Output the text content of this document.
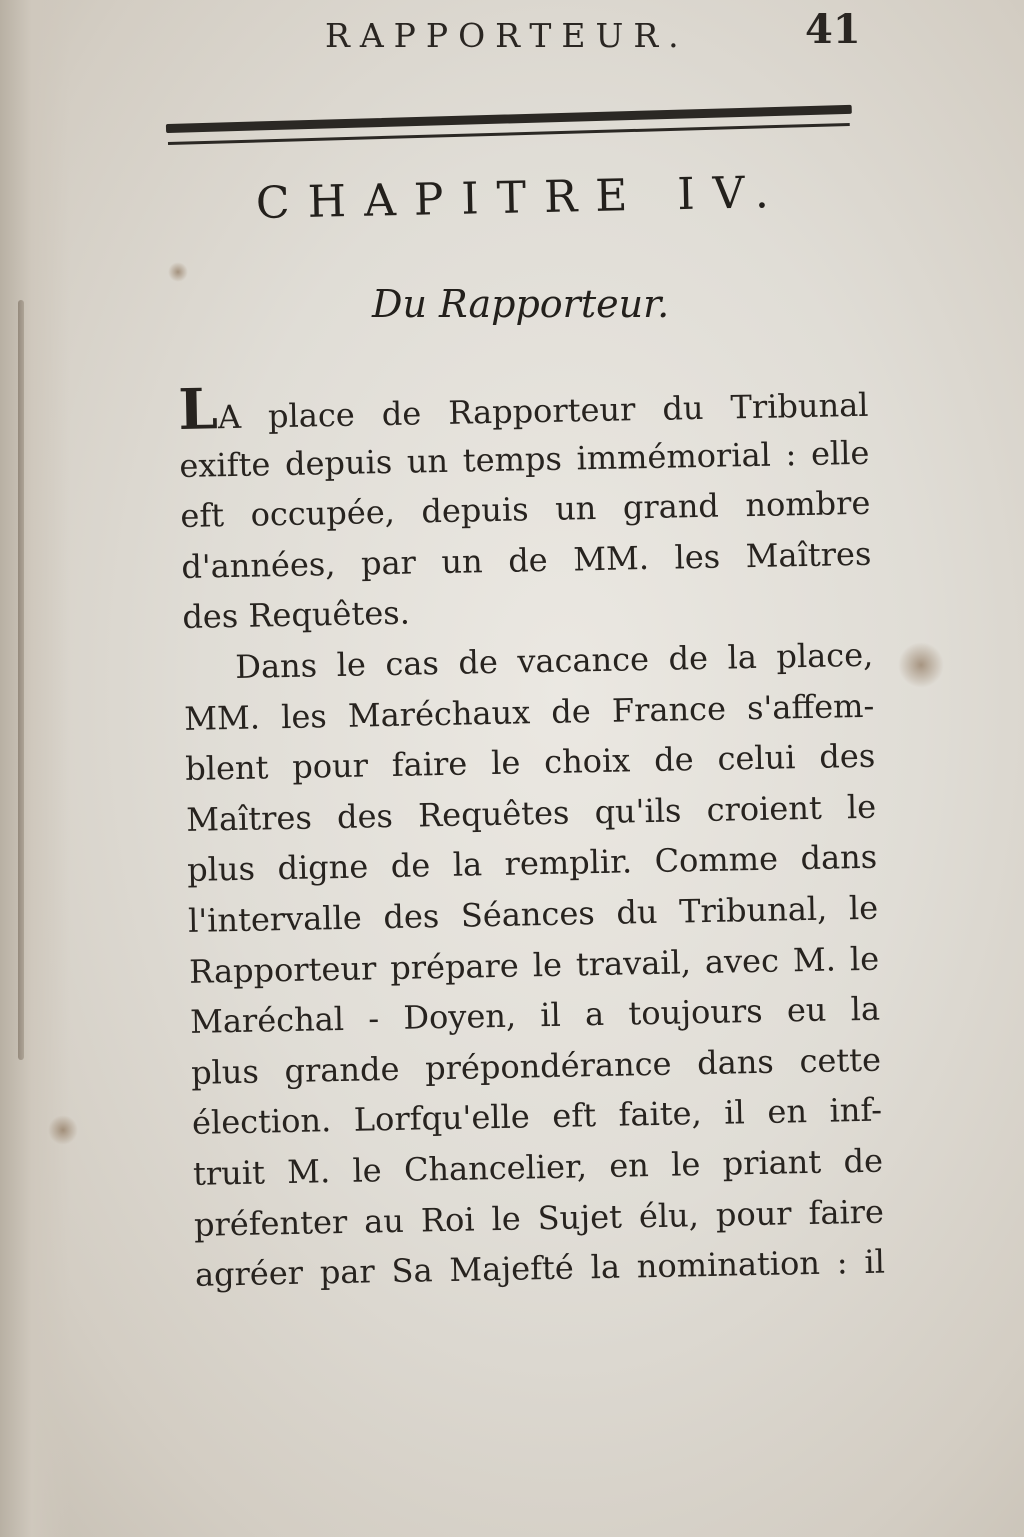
RAPPORTEUR.	41
CHAPITRE IV.
Du Rapporteur.
LA place de Rapporteur du Tribunal
exifte depuis un temps immémorial : elle
eft occupée, depuis un grand nombre
d'années, par un de MM. les Maîtres
des Requêtes.
Dans le cas de vacance de la place,
MM. les Maréchaux de France s'affem-
blent pour faire le choix de celui des
Maîtres des Requêtes qu'ils croient le
plus digne de la remplir. Comme dans
l'intervalle des Séances du Tribunal, le
Rapporteur prépare le travail, avec M. le
Maréchal - Doyen, il a toujours eu la
plus grande prépondérance dans cette
élection. Lorfqu'elle eft faite, il en inf-
truit M. le Chancelier, en le priant de
préfenter au Roi le Sujet élu, pour faire
agréer par Sa Majefté la nomination : il
